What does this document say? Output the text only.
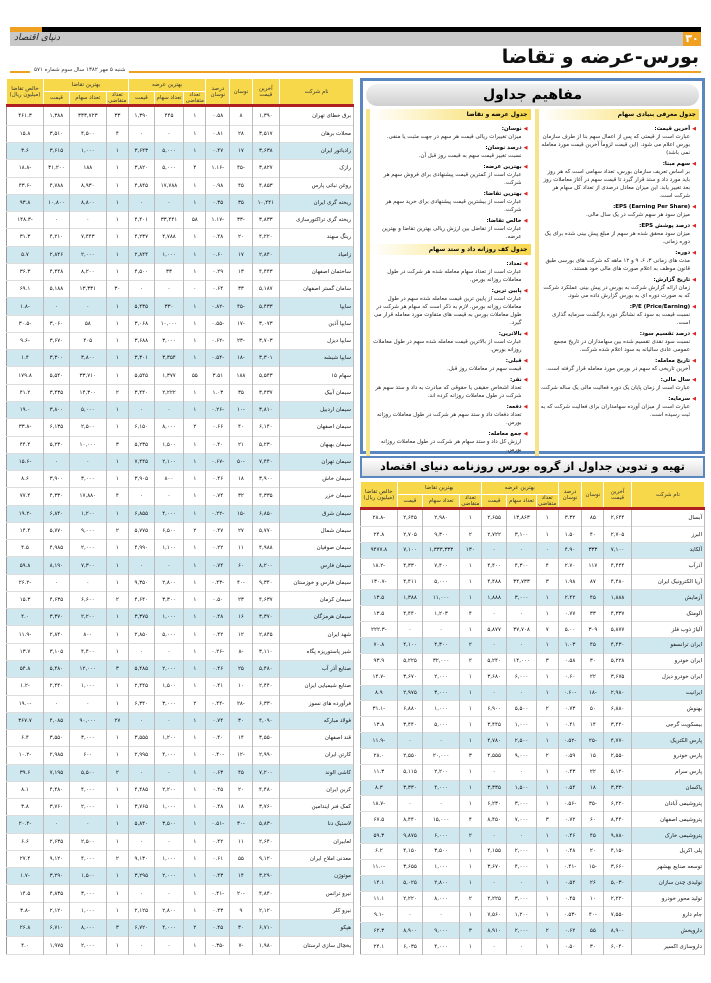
۳۰
دنیای اقتصاد
بورس-عرضه و تقاضا
شنبه ۵ مهر ۱۳۸۲ سال سوم شماره ۵۷۱
نام شرکت	آخرین قیمت	نوسان	درصد نوسان	بهترین عرضه			بهترین تقاضا			خالص تقاضا (میلیون ریال)
				تعداد متقاضی	تعداد سهام	قیمت	تعداد متقاضی	تعداد سهام	قیمت	
برق خطای تهران	۱,۳۹۰	۸	۰.۵۸	۱	۴۴۵	۱,۳۹۰	۳۳	۳۳۳,۷۲۳	۱,۳۸۸	۴۶۱.۳
محلات برهان	۳,۵۱۷	۲۸	۰.۸۱	۱	۰	۰	۴	۴,۵۰۰	۳,۵۱۰	۱۵.۸
رادیاتور ایران	۳,۶۳۸	۱۷	۰.۴۷	۱	۵,۰۰۰	۳,۶۴۳	۱	۱,۰۰۰	۳,۶۱۵	۳.۶
رازک	۳,۸۲۷	-۴۵	-۱.۱۶	۴	۵,۰۰۰	۳,۸۲۰	۱	۱۸۸	۳۱,۲۰۰	-۱۸.۸
روغن نباتی پارس	۴,۸۵۳	۴۵	۰.۹۸	۱	۱۷,۷۸۸	۴,۸۴۵	۱	۸,۹۳۰	۴,۷۸۸	-۴۳.۶
ریخته گری ایران	۱۰,۴۴۱	۳۵	۰.۳۵	۱	۰	۰	۱	۸,۸۰۰	۱۰,۸۰۰	۹۳.۸
ریخته گری تراکتورسازی	۳,۸۳۳	-۳۳	-۱.۱۷	۵۸	۳۳,۴۴۱	۴,۴۰۱	۱	۰	۰	-۱۴۸.۳
رینگ سهند	۴,۲۲۰	۲۰	۰.۴۸	۱	۴,۷۸۸	۴,۲۳۷	۱	۷,۴۴۳	۴,۲۱۰	۳۱.۳
زامیاد	۲,۸۴۰	۱۷	۰.۶۰	۱	۱,۰۰۰	۲,۸۴۴	۱	۲,۰۰۰	۲,۸۴۶	۵.۷
ساختمان اصفهان	۴,۴۴۳	۱۳	۰.۲۹	۱	۳۳	۴,۵۰۰	۱	۸,۲۰۰	۴,۴۴۸	۳۶.۳
سامان گستر اصفهان	۵,۱۸۷	۳۳	۰.۶۴	۰	۰	۰	۳۰	۱۳,۳۳۱	۵,۱۸۸	۶۹.۱
سایپا	۵,۴۳۳	-۴۵	-۰.۸۲	۱	۳۳۰	۵,۴۳۵	۱	۰	۰	-۱.۸
سایپا آذین	۳,۰۷۳	-۱۷	-۰.۵۵	۱	۱۰,۰۰۰	۳,۰۶۸	۱	۵۸	۳,۰۶۰	-۳۰.۵
سایپا دیزل	۳,۷۰۳	-۲۳	-۰.۶۲	۱	۳,۰۰۰	۳,۶۸۸	۱	۴۰۵	۳,۶۷۰	-۹.۶
سایپا شیشه	۳,۳۰۱	-۱۸	-۰.۵۴	۱	۳,۳۵۴	۳,۳۰۱	۱	۳,۸۰۰	۳,۳۰۰	۱.۴
سهام ۱۵	۵,۵۴۳	۱۸۸	۳.۵۱	۵۵	۱,۳۷۷	۵,۵۴۵	۱	۳۳,۷۱۰	۵,۵۴۰	۱۷۹.۸
سیمان آبیک	۳,۴۳۷	۳۵	۱.۰۳	۱	۲,۲۲۲	۳,۴۴۰	۲	۱۴,۳۰۰	۳,۴۳۵	۴۱.۲
سیمان اردبیل	۳,۸۱۰	-۱۰	-۰.۲۶	۱	۰	۰	۱	۵,۰۰۰	۳,۸۰۰	۱۹.۰
سیمان اصفهان	۶,۱۴۰	۴۰	۰.۶۶	۲	۸,۰۰۰	۶,۱۵۰	۱	۲,۵۰۰	۶,۱۳۵	-۳۳.۸
سیمان بهبهان	۵,۲۳۰	۲۱	۰.۴۰	۱	۱,۵۰۰	۵,۲۳۵	۳	۱۰,۰۰۰	۵,۲۳۰	۴۴.۴
سیمان تهران	۷,۴۴۰	-۵۰	-۰.۶۷	۱	۲,۱۰۰	۷,۴۴۵	۱	۰	۰	-۱۵.۶
سیمان خاش	۳,۹۰۰	۱۸	۰.۴۶	۱	۸۰۰	۳,۹۰۵	۱	۳,۰۰۰	۳,۹۰۰	۸.۶
سیمان خزر	۴,۳۳۵	۳۲	۰.۷۴	۱	۰	۰	۴	۱۷,۸۸۰	۴,۳۳۰	۷۷.۴
سیمان شرق	۶,۸۵۰	-۱۵	-۰.۲۲	۱	۴,۰۰۰	۶,۸۵۵	۱	۱,۲۰۰	۶,۸۴۰	-۱۹.۲
سیمان شمال	۵,۷۷۰	۲۷	۰.۴۷	۲	۶,۵۰۰	۵,۷۷۵	۲	۹,۰۰۰	۵,۷۷۰	۱۴.۴
سیمان صوفیان	۴,۹۸۸	۱۱	۰.۲۲	۱	۱,۱۰۰	۴,۹۹۰	۱	۲,۰۰۰	۴,۹۸۵	۴.۵
سیمان فارس	۸,۲۰۰	۶۰	۰.۷۴	۱	۰	۰	۱	۷,۳۰۰	۸,۱۹۰	۵۹.۸
سیمان فارس و خوزستان	۹,۳۴۰	-۴۰	-۰.۴۳	۱	۲,۸۰۰	۹,۳۵۰	۱	۰	۰	-۲۶.۲
سیمان کرمان	۴,۶۳۷	۲۳	۰.۵۰	۱	۳,۳۰۰	۴,۶۴۰	۲	۶,۶۰۰	۴,۶۳۵	۱۵.۳
سیمان هرمزگان	۳,۳۷۰	۱۶	۰.۴۸	۱	۱,۰۰۰	۳,۳۷۵	۱	۲,۲۰۰	۳,۳۷۰	۴.۰
شهد ایران	۲,۸۴۵	۱۲	۰.۴۲	۱	۵,۰۰۰	۲,۸۵۰	۱	۸۰۰	۲,۸۴۰	-۱۱.۹
شیر پاستوریزه پگاه	۳,۱۱۰	-۸	-۰.۲۶	۱	۰	۰	۱	۴,۴۰۰	۳,۱۰۵	۱۳.۷
صنایع آذر آب	۵,۴۸۰	۲۵	۰.۴۶	۱	۲,۰۰۰	۵,۴۸۵	۳	۱۲,۰۰۰	۵,۴۸۰	۵۴.۸
صنایع شیمیایی ایران	۲,۴۴۰	۱۰	۰.۴۱	۱	۱,۵۰۰	۲,۴۴۵	۱	۱,۰۰۰	۲,۴۴۰	-۱.۲
فرآورده های نسوز	۶,۳۳۰	-۲۸	-۰.۴۴	۲	۳,۰۰۰	۶,۳۴۰	۱	۰	۰	-۱۹.۰
فولاد مبارکه	۴,۰۹۰	۳۰	۰.۷۴	۱	۰	۰	۲۷	۹۰,۰۰۰	۴,۰۸۵	۳۶۷.۷
قند اصفهان	۳,۵۵۰	۱۴	۰.۴۰	۱	۱,۲۰۰	۳,۵۵۵	۱	۳,۰۰۰	۳,۵۵۰	۶.۴
کارتن ایران	۲,۹۹۰	-۱۲	-۰.۴۰	۱	۴,۰۰۰	۲,۹۹۵	۱	۶۰۰	۲,۹۸۵	-۱۰.۲
کاشی الوند	۷,۲۰۰	۴۵	۰.۶۳	۱	۰	۰	۲	۵,۵۰۰	۷,۱۹۵	۳۹.۶
کربن ایران	۴,۴۸۰	۲۰	۰.۴۵	۱	۲,۲۰۰	۴,۴۸۵	۱	۴,۰۰۰	۴,۴۸۰	۸.۱
کمک فنر ایندامین	۳,۷۶۰	۱۸	۰.۴۸	۱	۱,۰۰۰	۳,۷۶۵	۱	۲,۰۰۰	۳,۷۶۰	۳.۸
لاستیک دنا	۵,۸۳۰	-۳۰	-۰.۵۱	۱	۳,۵۰۰	۵,۸۴۰	۱	۰	۰	-۲۰.۴
لعابیران	۲,۶۴۰	۱۱	۰.۴۲	۱	۰	۰	۱	۲,۵۰۰	۲,۶۳۵	۶.۶
معدنی املاح ایران	۹,۱۲۰	۵۵	۰.۶۱	۱	۱,۰۰۰	۹,۱۳۰	۲	۴,۰۰۰	۹,۱۲۰	۲۷.۴
موتوژن	۳,۲۹۰	۱۴	۰.۴۳	۱	۲,۰۰۰	۳,۲۹۵	۱	۱,۵۰۰	۳,۲۹۰	-۱.۷
نیرو ترانس	۴,۸۴۰	-۲۰	-۰.۴۱	۱	۰	۰	۱	۳,۰۰۰	۴,۸۳۵	۱۴.۵
نیرو کلر	۲,۱۲۰	۹	۰.۴۳	۱	۲,۸۰۰	۲,۱۲۵	۱	۱,۰۰۰	۲,۱۲۰	-۳.۸
هپکو	۶,۷۱۰	۳۰	۰.۴۵	۲	۴,۰۰۰	۶,۷۲۰	۳	۸,۰۰۰	۶,۷۱۰	۲۶.۸
یخچال سازی لرستان	۱,۹۸۰	-۷	-۰.۳۵	۱	۰	۰	۱	۲,۰۰۰	۱,۹۷۵	۴.۰
مفاهیم جداول
جدول معرفی بنیادی سهام
◀ آخرین قیمت:
عبارت است از قیمتی که پس از اعمال سهم بنا از طرف سازمان بورس اعلام می شود. (این قیمت لزوماً آخرین قیمت مورد معامله نمی باشد)
◀ سهم مبنا:
بر اساس تعریف سازمان بورس، تعداد سهامی است که هر روز باید مورد داد و ستد قرار گیرد تا قیمت سهم در آغاز معاملات روز بعد تغییر یابد. این میزان معادل درصدی از تعداد کل سهام هر شرکت است.
◀ EPS (Earning Per Share):
میزان سود هر سهم شرکت در یک سال مالی.
◀ درصد پوشش EPS:
میزان سود محقق شده هر سهم از مبلغ پیش بینی شده برای یک دوره زمانی.
◀ دوره:
مدت های زمانی ۳، ۶، ۹ و ۱۲ ماهه که شرکت های بورسی طبق قانون موظف به اعلام صورت های مالی خود هستند.
◀ تاریخ گزارش:
زمان ارائه گزارش شرکت به بورس در پیش بینی عملکرد شرکت که به صورت دوره ای به بورس گزارش داده می شود.
◀ P/E (Price/Earning):
نسبت قیمت به سود که نشانگر دوره بازگشت سرمایه گذاری است.
◀ درصد تقسیم سود:
نسبت سود نقدی تقسیم شده بین سهامداران در تاریخ مجمع عمومی عادی سالیانه به سود اعلام شده شرکت.
◀ تاریخ معامله:
آخرین تاریخی که سهم در بورس مورد معامله قرار گرفته است.
◀ سال مالی:
عبارت است از زمان پایان یک دوره فعالیت مالی یک ساله شرکت.
◀ سرمایه:
عبارت است از میزان آورده سهامداران برای فعالیت شرکت که به ثبت رسیده است.
جدول عرضه و تقاضا
◀ نوسان:
میزان تغییرات ریالی قیمت هر سهم در جهت مثبت یا منفی.
◀ درصد نوسان:
نسبت تغییر قیمت سهم به قیمت روز قبل آن.
◀ بهترین عرضه:
عبارت است از کمترین قیمت پیشنهادی برای فروش سهم هر شرکت.
◀ بهترین تقاضا:
عبارت است از بیشترین قیمت پیشنهادی برای خرید سهم هر شرکت.
◀ خالص تقاضا:
عبارت است از تفاضل بین ارزش ریالی بهترین تقاضا و بهترین عرضه.
جدول کف روزانه داد و ستد سهام
◀ تعداد:
عبارت است از تعداد سهام معامله شده هر شرکت در طول معاملات روزانه بورس.
◀ پایین ترین:
عبارت است از پایین ترین قیمت معامله شده سهم در طول معاملات روزانه بورس. لازم به ذکر است که سهام هر شرکت در طول معاملات بورس به قیمت های متفاوت مورد معامله قرار می گیرد.
◀ بالاترین:
عبارت است از بالاترین قیمت معامله شده سهم در طول معاملات روزانه بورس.
◀ قبلی:
قیمت سهم در معاملات روز قبل.
◀ نفر:
تعداد اشخاص حقیقی یا حقوقی که مبادرت به داد و ستد سهم هر شرکت در طول معاملات روزانه کرده اند.
◀ دفعه:
تعداد دفعات داد و ستد سهم هر شرکت در طول معاملات روزانه بورس.
◀ جمع معامله:
ارزش کل داد و ستد سهام هر شرکت در طول معاملات روزانه بورس.
تهیه و تدوین جداول از گروه بورس روزنامه دنیای اقتصاد
نام شرکت	آخرین قیمت	نوسان	درصد نوسان	بهترین عرضه			بهترین تقاضا			خالص تقاضا (میلیون ریال)
				تعداد متقاضی	تعداد سهام	قیمت	تعداد متقاضی	تعداد سهام	قیمت	
آبسال	۲,۶۴۴	۸۵	۳.۳۲	۱	۱۳,۸۶۳	۲,۶۵۵	۱	۲,۹۸۰	۲,۶۴۵	-۲۸.۸
البرز	۲,۷۰۵	۴۰	۱.۵۰	۱	۳,۱۰۰	۲,۷۲۲	۲	۹,۳۰۰	۲,۷۰۵	۲۴.۸
آلکاید	۷,۱۰۰	۳۳۳	۴.۹۰	۰	۰	۰	۱۳۰	۱,۳۳۳,۳۳۳	۷,۱۰۰	۹۴۷۷.۸
آذرآب	۴,۴۴۴	۱۱۷	۲.۷۰	۴	۴,۳۰۰	۴,۴۰۰	۱	۷,۴۰۰	۴,۳۳۰	-۱۸.۲
آریا الکترونیک ایران	۴,۴۸۰	۸۷	۱.۹۸	۳	۳۴,۷۳۳	۴,۴۸۸	۱	۵,۰۰۰	۴,۴۱۱	-۱۳۰.۷
آزمایش	۱,۸۸۸	۴۵	۲.۴۲	۱	۳,۰۰۰	۱,۸۸۸	۱	۱۱,۰۰۰	۱,۳۸۸	۱۳.۵
آلومتک	۴,۳۳۷	۳۳	۰.۷۷	۱	۰	۰	۴	۱,۲۰۳	۴,۴۴۰	۱۳.۵
آلیاژ ذوب فلز	۵,۸۷۷	۳۰۹	۵.۰۰	۷	۳۷,۷۰۸	۵,۸۷۷	۱	۰	۰	-۲۲۲.۳
ایران ترانسفو	۴,۴۳۰	۴۵	۱.۰۳	۱	۰	۰	۲	۴,۳۰۰	۴,۱۰۰	۷۰.۸
ایران خودرو	۵,۲۲۸	۳۰	۰.۵۸	۳	۱۴,۰۰۰	۵,۲۴۰	۲	۳۲,۰۰۰	۵,۲۲۵	۹۳.۹
ایران خودرو دیزل	۳,۶۷۵	۲۲	۰.۶۰	۱	۶,۰۰۰	۳,۶۸۰	۱	۲,۰۰۰	۳,۶۷۰	-۱۴.۷
ایرانیت	۲,۹۸۰	-۱۸	-۰.۶۰	۱	۰	۰	۱	۳,۰۰۰	۲,۹۷۵	۸.۹
بهنوش	۶,۸۸۰	۵۰	۰.۷۳	۲	۵,۵۰۰	۶,۹۰۰	۱	۱,۰۰۰	۶,۸۸۰	-۳۱.۱
بیسکویت گرجی	۳,۴۴۰	۱۴	۰.۴۱	۱	۱,۰۰۰	۳,۴۴۵	۱	۵,۰۰۰	۳,۴۴۰	۱۳.۸
پارس الکتریک	۴,۷۷۰	-۲۵	-۰.۵۲	۱	۲,۵۰۰	۴,۷۸۰	۱	۰	۰	-۱۱.۹
پارس خودرو	۲,۵۵۰	۱۵	۰.۵۹	۲	۹,۰۰۰	۲,۵۵۵	۳	۲۰,۰۰۰	۲,۵۵۰	۲۸.۰
پارس سرام	۵,۱۲۰	۲۲	۰.۴۳	۱	۰	۰	۱	۲,۲۰۰	۵,۱۱۵	۱۱.۳
پاکسان	۳,۳۳۰	۱۸	۰.۵۴	۱	۱,۵۰۰	۳,۳۳۵	۱	۴,۰۰۰	۳,۳۳۰	۸.۳
پتروشیمی آبادان	۶,۲۲۰	-۳۵	-۰.۵۶	۱	۳,۰۰۰	۶,۲۳۰	۱	۰	۰	-۱۸.۷
پتروشیمی اصفهان	۸,۴۴۰	۶۰	۰.۷۲	۳	۷,۰۰۰	۸,۴۵۰	۴	۱۵,۰۰۰	۸,۴۴۰	۶۷.۵
پتروشیمی خارک	۹,۸۸۰	۴۵	۰.۴۶	۱	۰	۰	۲	۶,۰۰۰	۹,۸۷۵	۵۹.۳
پلی اکریل	۴,۱۵۰	۲۰	۰.۴۸	۱	۲,۰۰۰	۴,۱۵۵	۱	۳,۵۰۰	۴,۱۵۰	۶.۲
توسعه صنایع بهشهر	۳,۶۶۰	-۱۵	-۰.۴۱	۱	۴,۰۰۰	۳,۶۷۰	۱	۱,۰۰۰	۳,۶۵۵	-۱۱.۰
تولیدی چدن سازان	۵,۰۳۰	۲۶	۰.۵۲	۱	۰	۰	۱	۲,۸۰۰	۵,۰۲۵	۱۴.۱
تولید محور خودرو	۲,۲۲۰	۱۰	۰.۴۵	۱	۳,۰۰۰	۲,۲۲۵	۲	۸,۰۰۰	۲,۲۲۰	۱۱.۱
جام دارو	۷,۵۵۰	-۴۰	-۰.۵۳	۱	۱,۲۰۰	۷,۵۶۰	۱	۰	۰	-۹.۱
داروپخش	۸,۹۰۰	۵۵	۰.۶۲	۲	۲,۰۰۰	۸,۹۱۰	۳	۹,۰۰۰	۸,۹۰۰	۶۲.۳
داروسازی اکسیر	۶,۰۴۰	۳۰	۰.۵۰	۱	۰	۰	۱	۴,۰۰۰	۶,۰۳۵	۲۴.۱
